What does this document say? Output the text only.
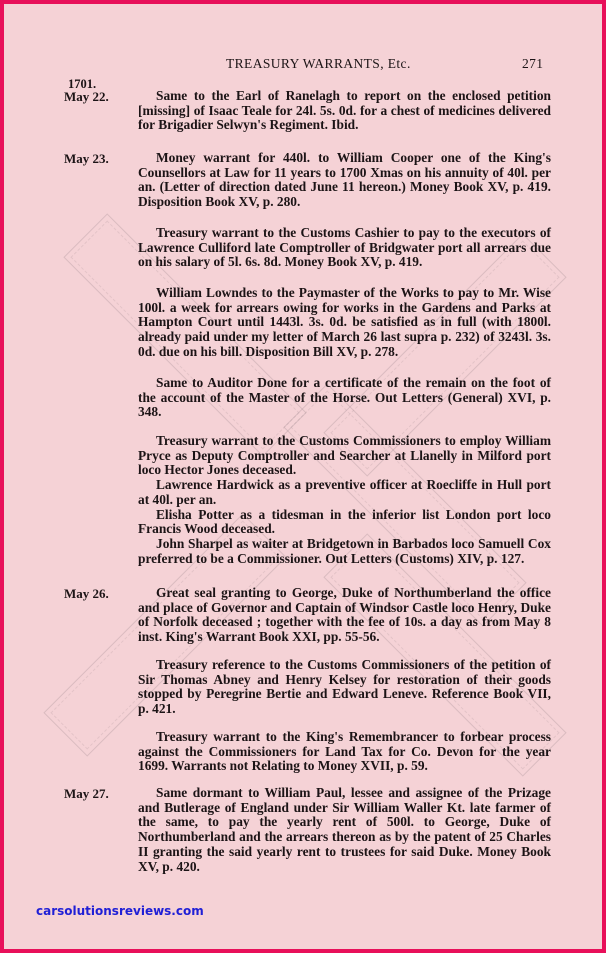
TREASURY WARRANTS, Etc.	271
1701.
May 22.	Same to the Earl of Ranelagh to report on the enclosed petition [missing] of Isaac Teale for 24l. 5s. 0d. for a chest of medicines delivered for Brigadier Selwyn's Regiment. Ibid.
May 23.	Money warrant for 440l. to William Cooper one of the King's Counsellors at Law for 11 years to 1700 Xmas on his annuity of 40l. per an. (Letter of direction dated June 11 hereon.) Money Book XV, p. 419. Disposition Book XV, p. 280.
Treasury warrant to the Customs Cashier to pay to the executors of Lawrence Culliford late Comptroller of Bridgwater port all arrears due on his salary of 5l. 6s. 8d. Money Book XV, p. 419.
William Lowndes to the Paymaster of the Works to pay to Mr. Wise 100l. a week for arrears owing for works in the Gardens and Parks at Hampton Court until 1443l. 3s. 0d. be satisfied as in full (with 1800l. already paid under my letter of March 26 last supra p. 232) of 3243l. 3s. 0d. due on his bill. Disposition Bill XV, p. 278.
Same to Auditor Done for a certificate of the remain on the foot of the account of the Master of the Horse. Out Letters (General) XVI, p. 348.
Treasury warrant to the Customs Commissioners to employ William Pryce as Deputy Comptroller and Searcher at Llanelly in Milford port loco Hector Jones deceased.
Lawrence Hardwick as a preventive officer at Roecliffe in Hull port at 40l. per an.
Elisha Potter as a tidesman in the inferior list London port loco Francis Wood deceased.
John Sharpel as waiter at Bridgetown in Barbados loco Samuell Cox preferred to be a Commissioner. Out Letters (Customs) XIV, p. 127.
May 26.	Great seal granting to George, Duke of Northumberland the office and place of Governor and Captain of Windsor Castle loco Henry, Duke of Norfolk deceased ; together with the fee of 10s. a day as from May 8 inst. King's Warrant Book XXI, pp. 55-56.
Treasury reference to the Customs Commissioners of the petition of Sir Thomas Abney and Henry Kelsey for restoration of their goods stopped by Peregrine Bertie and Edward Leneve. Reference Book VII, p. 421.
Treasury warrant to the King's Remembrancer to forbear process against the Commissioners for Land Tax for Co. Devon for the year 1699. Warrants not Relating to Money XVII, p. 59.
May 27.	Same dormant to William Paul, lessee and assignee of the Prizage and Butlerage of England under Sir William Waller Kt. late farmer of the same, to pay the yearly rent of 500l. to George, Duke of Northumberland and the arrears thereon as by the patent of 25 Charles II granting the said yearly rent to trustees for said Duke. Money Book XV, p. 420.
carsolutionsreviews.com
